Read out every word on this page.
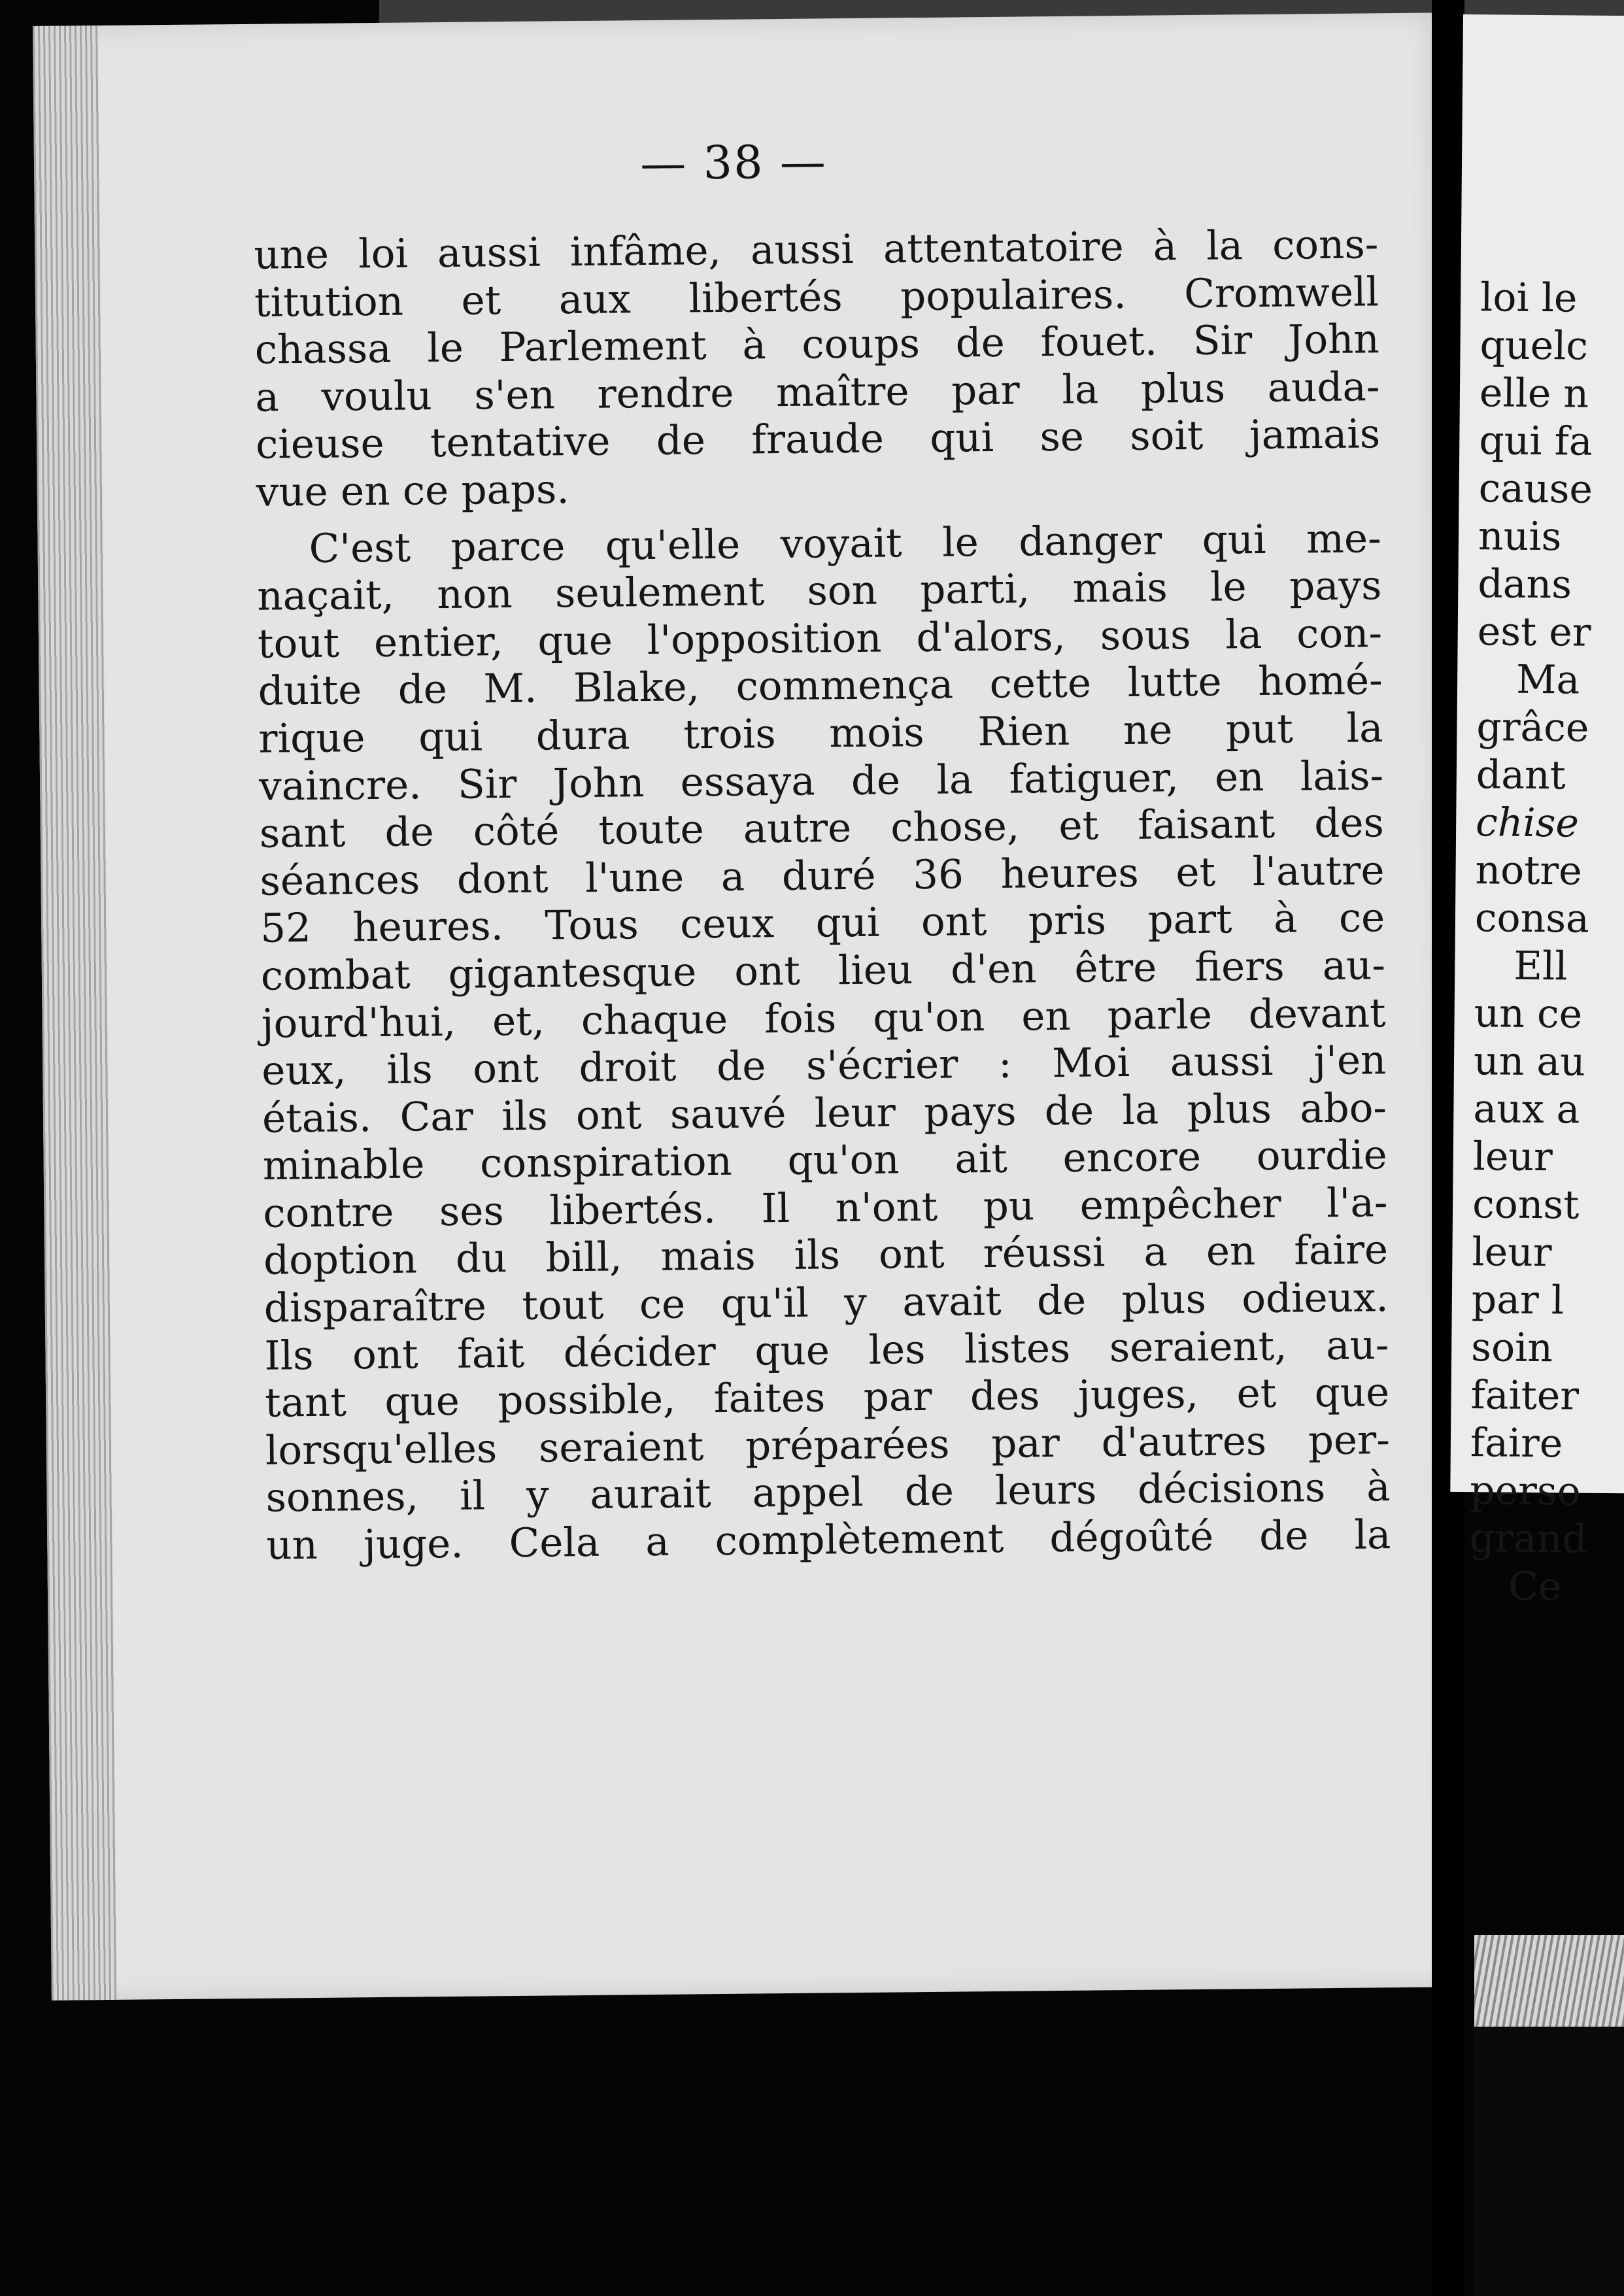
— 38 —
une loi aussi infâme, aussi attentatoire à la cons-
titution et aux libertés populaires. Cromwell
chassa le Parlement à coups de fouet. Sir John
a voulu s'en rendre maître par la plus auda-
cieuse tentative de fraude qui se soit jamais
vue en ce paps.
C'est parce qu'elle voyait le danger qui me-
naçait, non seulement son parti, mais le pays
tout entier, que l'opposition d'alors, sous la con-
duite de M. Blake, commença cette lutte homé-
rique qui dura trois mois Rien ne put la
vaincre. Sir John essaya de la fatiguer, en lais-
sant de côté toute autre chose, et faisant des
séances dont l'une a duré 36 heures et l'autre
52 heures. Tous ceux qui ont pris part à ce
combat gigantesque ont lieu d'en être fiers au-
jourd'hui, et, chaque fois qu'on en parle devant
eux, ils ont droit de s'écrier : Moi aussi j'en
étais. Car ils ont sauvé leur pays de la plus abo-
minable conspiration qu'on ait encore ourdie
contre ses libertés. Il n'ont pu empêcher l'a-
doption du bill, mais ils ont réussi a en faire
disparaître tout ce qu'il y avait de plus odieux.
Ils ont fait décider que les listes seraient, au-
tant que possible, faites par des juges, et que
lorsqu'elles seraient préparées par d'autres per-
sonnes, il y aurait appel de leurs décisions à
un juge. Cela a complètement dégoûté de la
loi le
quelc
elle n
qui fa
cause
nuis
dans
est er
Ma
grâce
dant
chise
notre
consa
Ell
un ce
un au
aux a
leur
const
leur
par l
soin
faiter
faire
perso
grand
Ce
